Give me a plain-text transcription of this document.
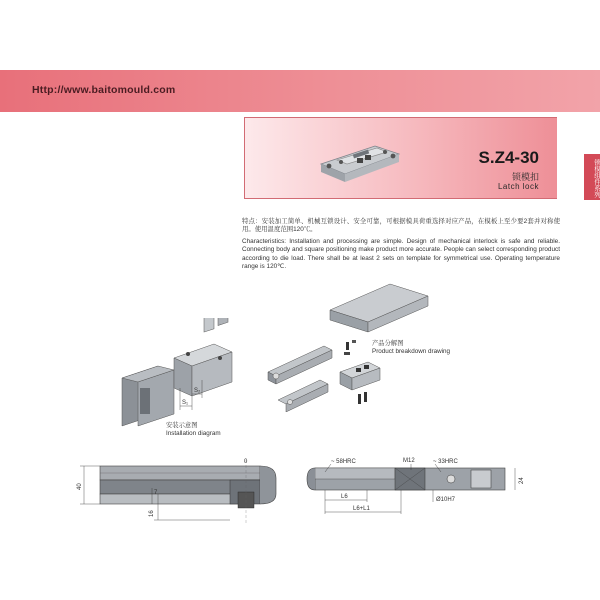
Http://www.baitomould.com
S.Z4-30
锁模扣
Latch lock	锁模组件系列
特点：安装加工简单、机械互锁设计、安全可靠，可根据模具荷重选择对应产品，在模板上至少要2套并对称使用。使用温度范围120℃。
Characteristics: Installation and processing are simple. Design of mechanical interlock is safe and reliable. Connecting body and square positioning make product more accurate. People can select corresponding product according to die load. There shall be at least 2 sets on template for symmetrical use. Operating temperature range is 120℃.
S₁
S₂
安装示意图
Installation diagram
产品分解图
Product breakdown drawing
40
0
7
16
~ 58HRC	M12	~ 33HRC
24
L6
L6+L1
Ø10H7
